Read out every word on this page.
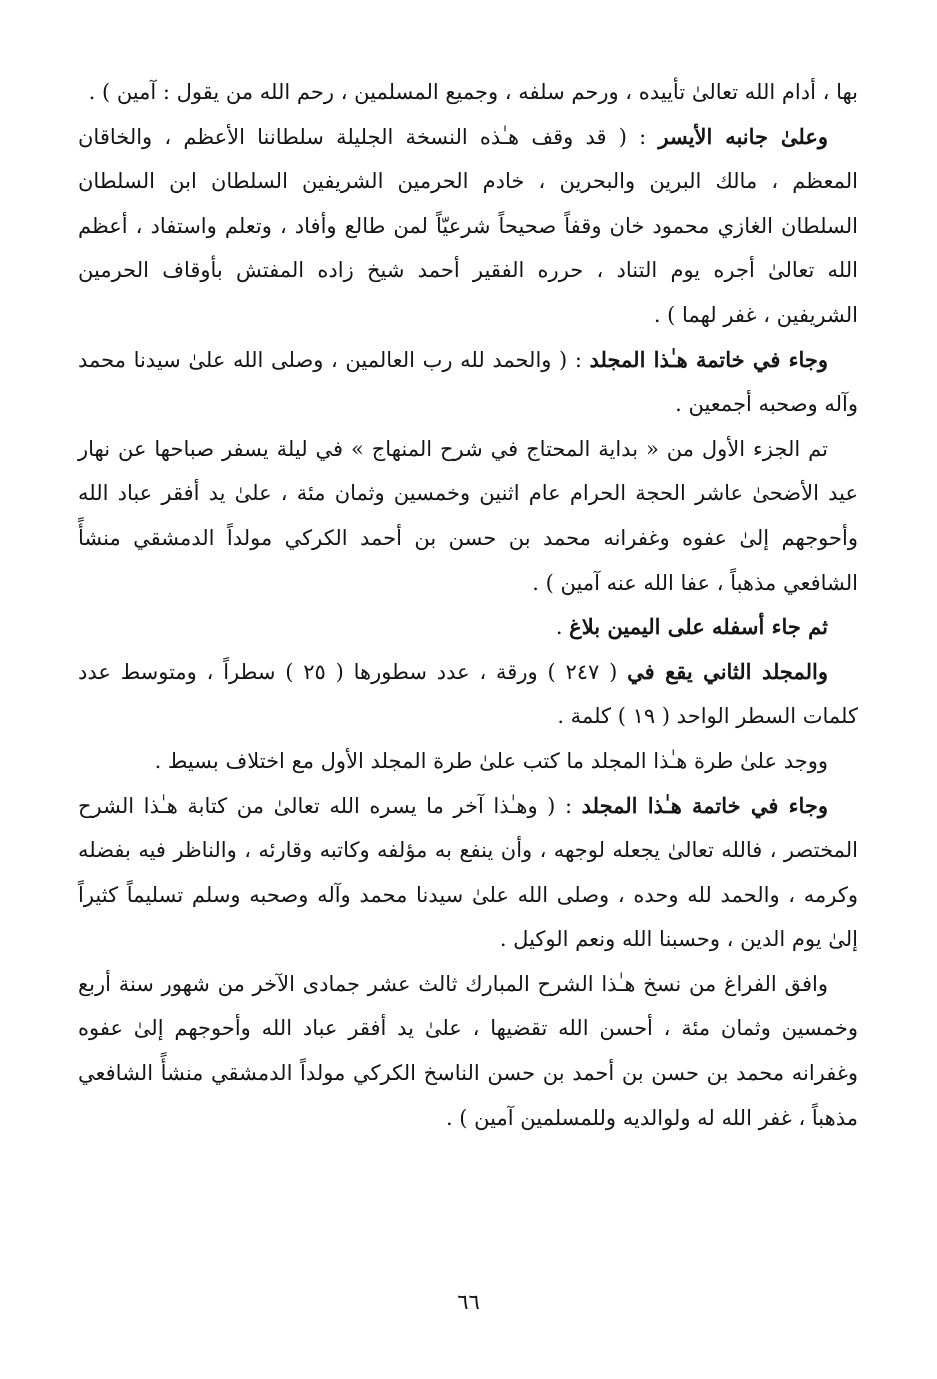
بها ، أدام الله تعالىٰ تأييده ، ورحم سلفه ، وجميع المسلمين ، رحم الله من يقول : آمين ) .

وعلىٰ جانبه الأيسر : ( قد وقف هـٰذه النسخة الجليلة سلطاننا الأعظم ، والخاقان المعظم ، مالك البرين والبحرين ، خادم الحرمين الشريفين السلطان ابن السلطان السلطان الغازي محمود خان وقفاً صحيحاً شرعيّاً لمن طالع وأفاد ، وتعلم واستفاد ، أعظم الله تعالىٰ أجره يوم التناد ، حرره الفقير أحمد شيخ زاده المفتش بأوقاف الحرمين الشريفين ، غفر لهما ) .

وجاء في خاتمة هـٰذا المجلد : ( والحمد لله رب العالمين ، وصلى الله علىٰ سيدنا محمد وآله وصحبه أجمعين .

تم الجزء الأول من « بداية المحتاج في شرح المنهاج » في ليلة يسفر صباحها عن نهار عيد الأضحىٰ عاشر الحجة الحرام عام اثنين وخمسين وثمان مئة ، علىٰ يد أفقر عباد الله وأحوجهم إلىٰ عفوه وغفرانه محمد بن حسن بن أحمد الكركي مولداً الدمشقي منشأً الشافعي مذهباً ، عفا الله عنه آمين ) .

ثم جاء أسفله على اليمين بلاغ .

والمجلد الثاني يقع في ( ٢٤٧ ) ورقة ، عدد سطورها ( ٢٥ ) سطراً ، ومتوسط عدد كلمات السطر الواحد ( ١٩ ) كلمة .

ووجد علىٰ طرة هـٰذا المجلد ما كتب علىٰ طرة المجلد الأول مع اختلاف بسيط .

وجاء في خاتمة هـٰذا المجلد : ( وهـٰذا آخر ما يسره الله تعالىٰ من كتابة هـٰذا الشرح المختصر ، فالله تعالىٰ يجعله لوجهه ، وأن ينفع به مؤلفه وكاتبه وقارئه ، والناظر فيه بفضله وكرمه ، والحمد لله وحده ، وصلى الله علىٰ سيدنا محمد وآله وصحبه وسلم تسليماً كثيراً إلىٰ يوم الدين ، وحسبنا الله ونعم الوكيل .

وافق الفراغ من نسخ هـٰذا الشرح المبارك ثالث عشر جمادى الآخر من شهور سنة أربع وخمسين وثمان مئة ، أحسن الله تقضيها ، علىٰ يد أفقر عباد الله وأحوجهم إلىٰ عفوه وغفرانه محمد بن حسن بن أحمد بن حسن الناسخ الكركي مولداً الدمشقي منشأً الشافعي مذهباً ، غفر الله له ولوالديه وللمسلمين آمين ) .

٦٦
